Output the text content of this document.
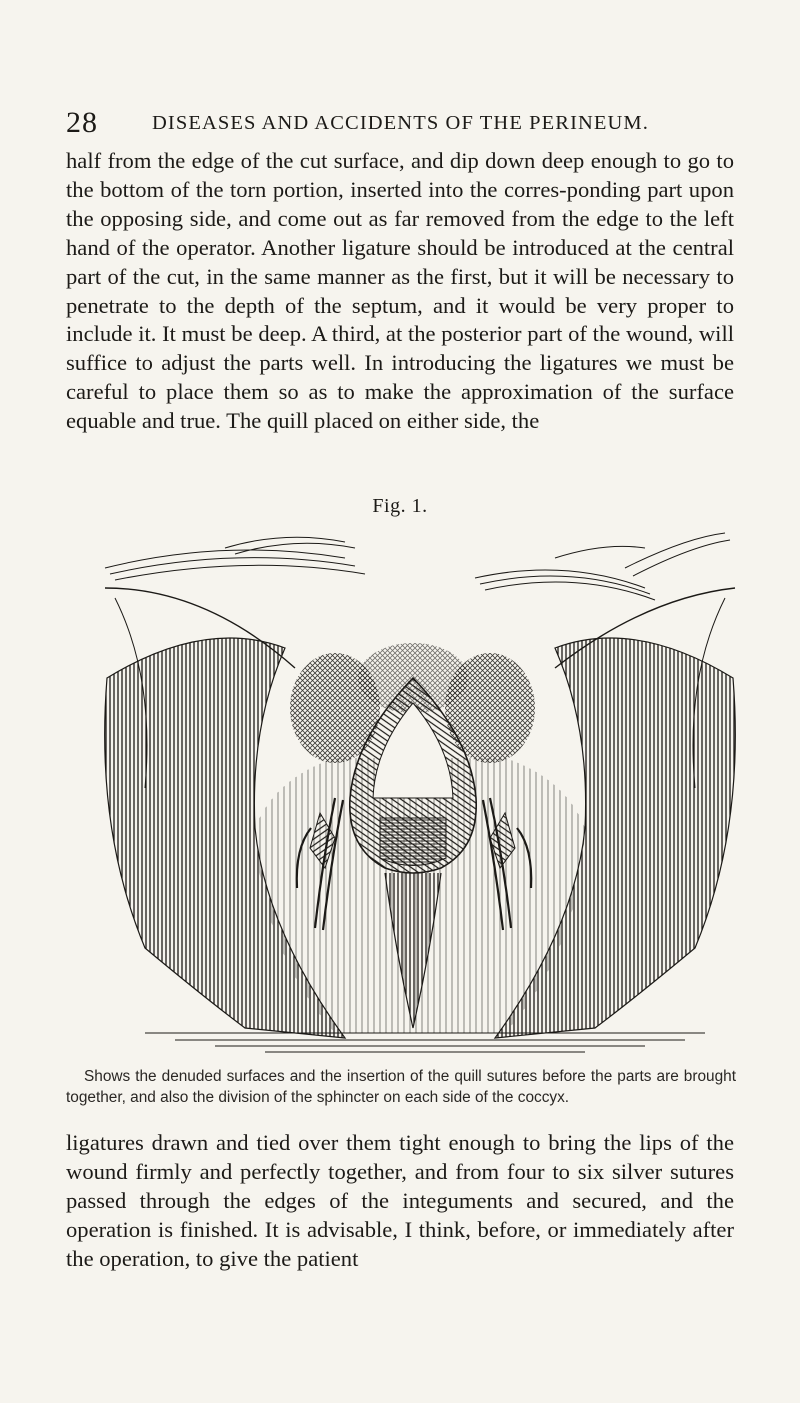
28	DISEASES AND ACCIDENTS OF THE PERINEUM.

half from the edge of the cut surface, and dip down deep enough to go to the bottom of the torn portion, inserted into the corres-ponding part upon the opposing side, and come out as far removed from the edge to the left hand of the operator. Another ligature should be introduced at the central part of the cut, in the same manner as the first, but it will be necessary to penetrate to the depth of the septum, and it would be very proper to include it. It must be deep. A third, at the posterior part of the wound, will suffice to adjust the parts well. In introducing the ligatures we must be careful to place them so as to make the approximation of the surface equable and true. The quill placed on either side, the

Fig. 1.

Shows the denuded surfaces and the insertion of the quill sutures before the parts are brought together, and also the division of the sphincter on each side of the coccyx.

ligatures drawn and tied over them tight enough to bring the lips of the wound firmly and perfectly together, and from four to six silver sutures passed through the edges of the integuments and secured, and the operation is finished. It is advisable, I think, before, or immediately after the operation, to give the patient
